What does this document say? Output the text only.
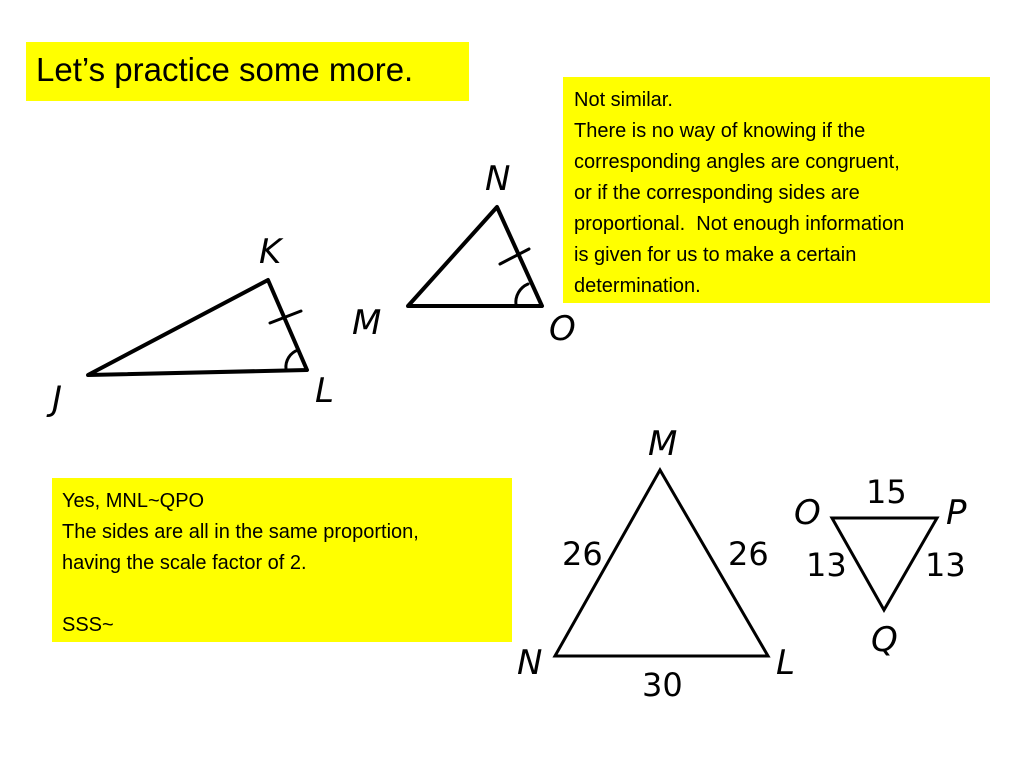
Let’s practice some more.
Not similar.
There is no way of knowing if the
corresponding angles are congruent,
or if the corresponding sides are
proportional.  Not enough information
is given for us to make a certain
determination.
Yes, MNL~QPO
The sides are all in the same proportion,
having the scale factor of 2.
SSS~
K
J	L
N
M	O
M
N	L
26	26
30
O	P
Q
15
13 13
